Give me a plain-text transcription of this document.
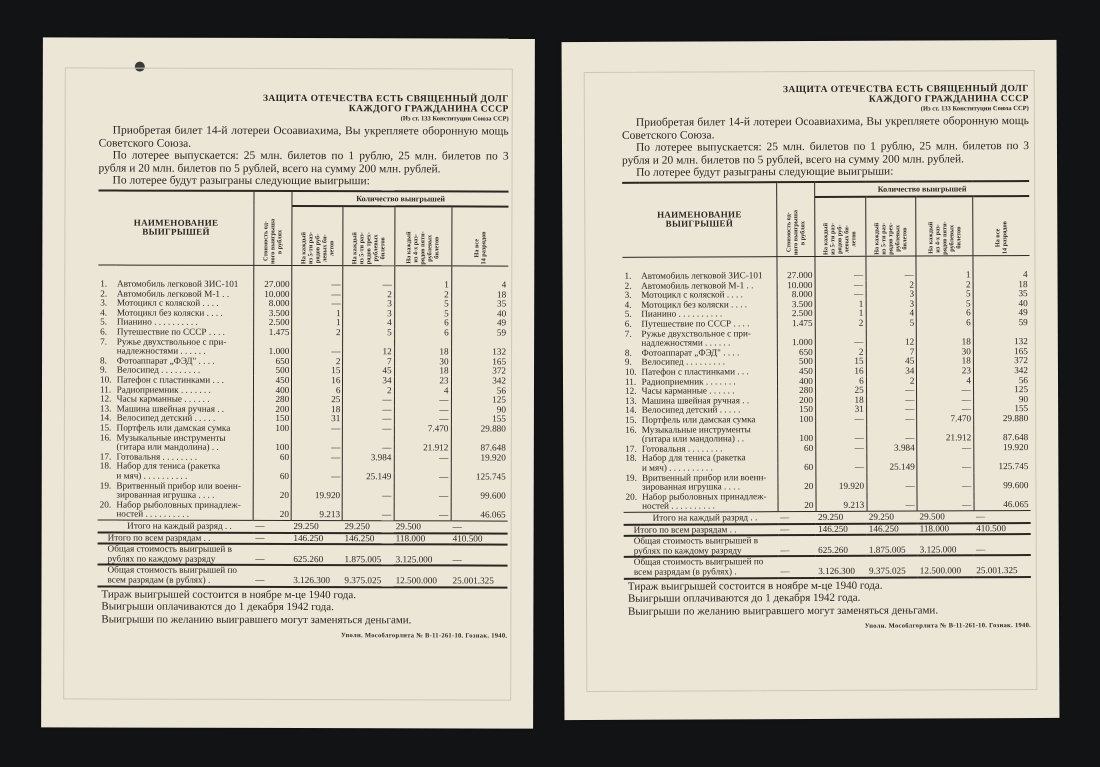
ЗАЩИТА ОТЕЧЕСТВА ЕСТЬ СВЯЩЕННЫЙ ДОЛГ
КАЖДОГО ГРАЖДАНИНА СССР
(Из ст. 133 Конституции Союза ССР)

Приобретая билет 14-й лотереи Осоавиахима, Вы укрепляете оборонную мощь Советского Союза.

По лотерее выпускается: 25 млн. билетов по 1 рублю, 25 млн. билетов по 3 рубля и 20 млн. билетов по 5 рублей, всего на сумму 200 млн. рублей.

По лотерее будут разыграны следующие выигрыши:

НАИМЕНОВАНИЕ ВЫИГРЫШЕЙ		Стоимость од-
ного выигрыша
в рублях	Количество выигрышей			

			На каждый
из 5-ти раз-
рядов руб-
левых би-
летов	На каждый
из 5-ти раз-
рядов трех-
рублевых
билетов	На каждый
из 4-х раз-
рядов пяти-
рублевых
билетов	На все
14 разрядов

1.	Автомобиль легковой ЗИС-101	27.000	—	—	1	4
2.	Автомобиль легковой М-1 . .	10.000	—	2	2	18
3.	Мотоцикл с коляской . . . .	8.000	—	3	5	35
4.	Мотоцикл без коляски . . . .	3.500	1	3	5	40
5.	Пианино . . . . . . . . . .	2.500	1	4	6	49
6.	Путешествие по СССР . . . .	1.475	2	5	6	59
7.	Ружье двухствольное с при-					
	надлежностями . . . . . .	1.000	—	12	18	132
8.	Фотоаппарат „ФЭД" . . . .	650	2	7	30	165
9.	Велосипед . . . . . . . . .	500	15	45	18	372
10.	Патефон с пластинками . . .	450	16	34	23	342
11.	Радиоприемник . . . . . . .	400	6	2	4	56
12.	Часы карманные . . . . . .	280	25	—	—	125
13.	Машина швейная ручная . .	200	18	—	—	90
14.	Велосипед детский . . . . .	150	31	—	—	155
15.	Портфель или дамская сумка	100	—	—	7.470	29.880
16.	Музыкальные инструменты					
	(гитара или мандолина) . .	100	—	—	21.912	87.648
17.	Готовальня . . . . . . . .	60	—	3.984	—	19.920
18.	Набор для тениса (ракетка					
	и мяч) . . . . . . . . . .	60	—	25.149	—	125.745
19.	Вритвенный прибор или военн-					
	зированная игрушка . . . .	20	19.920	—	—	99.600
20.	Набор рыболовных принадлеж-					
	ностей . . . . . . . . . .	20	9.213	—	—	46.065
Итого на каждый разряд . .		—	29.250	29.250	29.500	—
Итого по всем разрядам . .		—	146.250	146.250	118.000	410.500
Общая стоимость выигрышей в рублях по каждому разряду		—	625.260	1.875.005	3.125.000	—
Общая стоимость выигрышей по всем разрядам (в рублях) .		—	3.126.300	9.375.025	12.500.000	25.001.325

Тираж выигрышей состоится в ноябре м-це 1940 года.

Выигрыши оплачиваются до 1 декабря 1942 года.

Выигрыши по желанию выигравшего могут заменяться деньгами.

Уполн. Мособлгорлита № В-11-261-10. Гознак. 1940.
ЗАЩИТА ОТЕЧЕСТВА ЕСТЬ СВЯЩЕННЫЙ ДОЛГ
КАЖДОГО ГРАЖДАНИНА СССР
(Из ст. 133 Конституции Союза ССР)

Приобретая билет 14-й лотереи Осоавиахима, Вы укрепляете оборонную мощь Советского Союза.

По лотерее выпускается: 25 млн. билетов по 1 рублю, 25 млн. билетов по 3 рубля и 20 млн. билетов по 5 рублей, всего на сумму 200 млн. рублей.

По лотерее будут разыграны следующие выигрыши:

НАИМЕНОВАНИЕ ВЫИГРЫШЕЙ		Стоимость од-
ного выигрыша
в рублях	Количество выигрышей			

			На каждый
из 5-ти раз-
рядов руб-
левых би-
летов	На каждый
из 5-ти раз-
рядов трех-
рублевых
билетов	На каждый
из 4-х раз-
рядов пяти-
рублевых
билетов	На все
14 разрядов

1.	Автомобиль легковой ЗИС-101	27.000	—	—	1	4
2.	Автомобиль легковой М-1 . .	10.000	—	2	2	18
3.	Мотоцикл с коляской . . . .	8.000	—	3	5	35
4.	Мотоцикл без коляски . . . .	3.500	1	3	5	40
5.	Пианино . . . . . . . . . .	2.500	1	4	6	49
6.	Путешествие по СССР . . . .	1.475	2	5	6	59
7.	Ружье двухствольное с при-					
	надлежностями . . . . . .	1.000	—	12	18	132
8.	Фотоаппарат „ФЭД" . . . .	650	2	7	30	165
9.	Велосипед . . . . . . . . .	500	15	45	18	372
10.	Патефон с пластинками . . .	450	16	34	23	342
11.	Радиоприемник . . . . . . .	400	6	2	4	56
12.	Часы карманные . . . . . .	280	25	—	—	125
13.	Машина швейная ручная . .	200	18	—	—	90
14.	Велосипед детский . . . . .	150	31	—	—	155
15.	Портфель или дамская сумка	100	—	—	7.470	29.880
16.	Музыкальные инструменты					
	(гитара или мандолина) . .	100	—	—	21.912	87.648
17.	Готовальня . . . . . . . .	60	—	3.984	—	19.920
18.	Набор для тениса (ракетка					
	и мяч) . . . . . . . . . .	60	—	25.149	—	125.745
19.	Вритвенный прибор или военн-					
	зированная игрушка . . . .	20	19.920	—	—	99.600
20.	Набор рыболовных принадлеж-					
	ностей . . . . . . . . . .	20	9.213	—	—	46.065
Итого на каждый разряд . .		—	29.250	29.250	29.500	—
Итого по всем разрядам . .		—	146.250	146.250	118.000	410.500
Общая стоимость выигрышей в рублях по каждому разряду		—	625.260	1.875.005	3.125.000	—
Общая стоимость выигрышей по всем разрядам (в рублях) .		—	3.126.300	9.375.025	12.500.000	25.001.325

Тираж выигрышей состоится в ноябре м-це 1940 года.

Выигрыши оплачиваются до 1 декабря 1942 года.

Выигрыши по желанию выигравшего могут заменяться деньгами.

Уполн. Мособлгорлита № В-11-261-10. Гознак. 1940.
